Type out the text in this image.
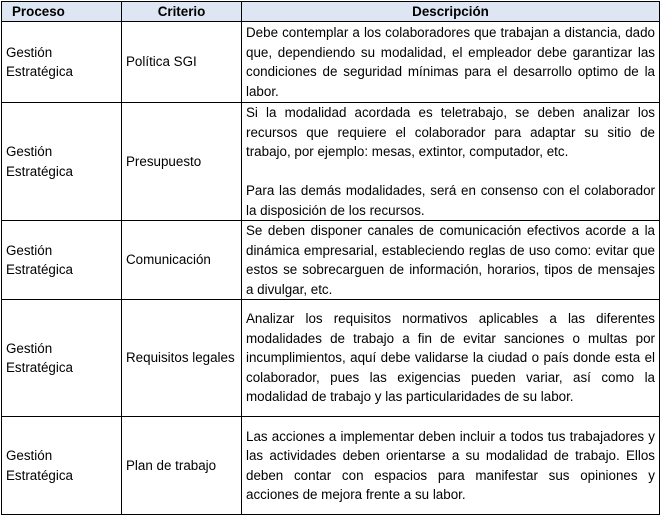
Proceso	Criterio	Descripción
Gestión Estratégica	Política SGI	Debe contemplar a los colaboradores que trabajan a distancia, dado que, dependiendo su modalidad, el empleador debe garantizar las condiciones de seguridad mínimas para el desarrollo optimo de la labor.

Gestión Estratégica	Presupuesto	Si la modalidad acordada es teletrabajo, se deben analizar los recursos que requiere el colaborador para adaptar su sitio de trabajo, por ejemplo: mesas, extintor, computador, etc.

Para las demás modalidades, será en consenso con el colaborador la disposición de los recursos.

Gestión Estratégica	Comunicación	Se deben disponer canales de comunicación efectivos acorde a la dinámica empresarial, estableciendo reglas de uso como: evitar que estos se sobrecarguen de información, horarios, tipos de mensajes a divulgar, etc.

Gestión Estratégica	Requisitos legales	Analizar los requisitos normativos aplicables a las diferentes modalidades de trabajo a fin de evitar sanciones o multas por incumplimientos, aquí debe validarse la ciudad o país donde esta el colaborador, pues las exigencias pueden variar, así como la modalidad de trabajo y las particularidades de su labor.

Gestión Estratégica	Plan de trabajo	Las acciones a implementar deben incluir a todos tus trabajadores y las actividades deben orientarse a su modalidad de trabajo. Ellos deben contar con espacios para manifestar sus opiniones y acciones de mejora frente a su labor.
